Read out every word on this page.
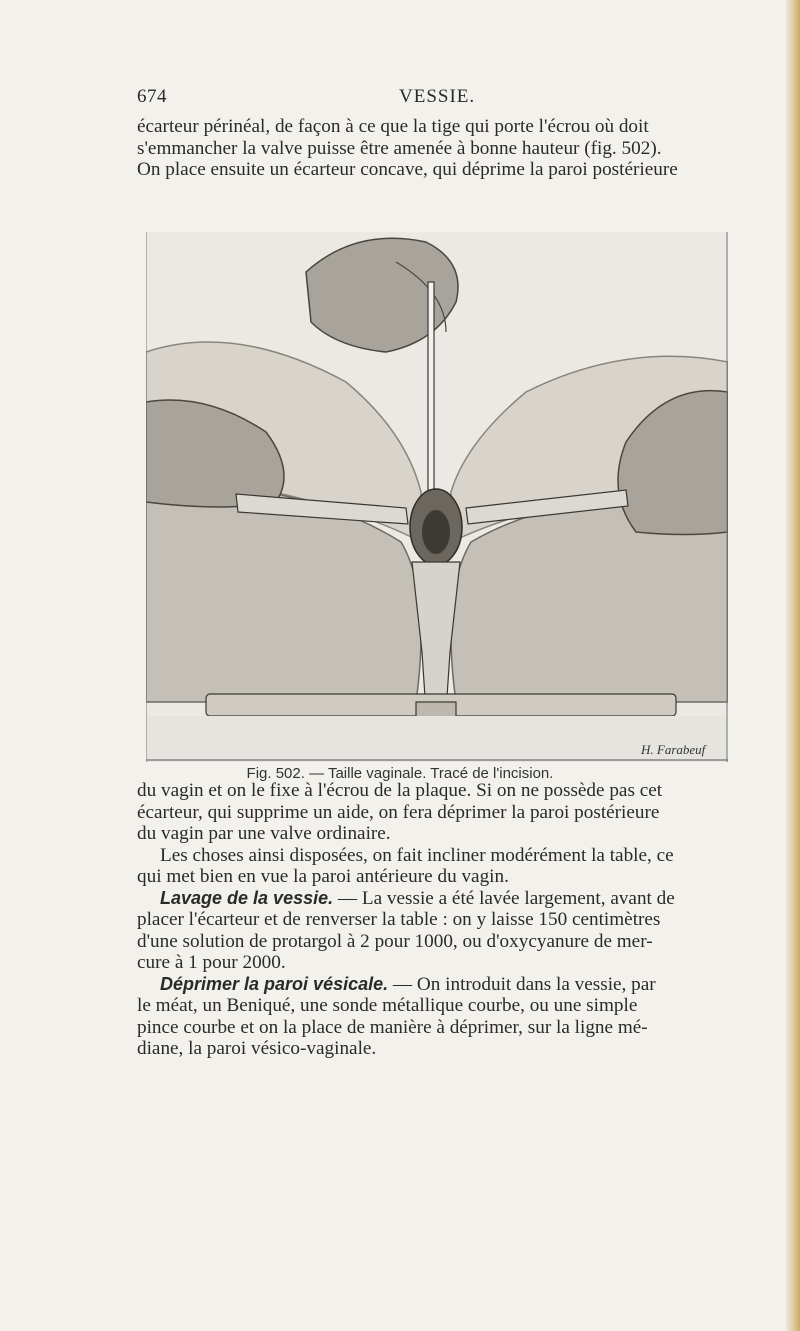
674	VESSIE.

écarteur périnéal, de façon à ce que la tige qui porte l'écrou où doit

s'emmancher la valve puisse être amenée à bonne hauteur (fig. 502).

On place ensuite un écarteur concave, qui déprime la paroi postérieure

H. Farabeuf
Fig. 502. — Taille vaginale. Tracé de l'incision.

du vagin et on le fixe à l'écrou de la plaque. Si on ne possède pas cet

écarteur, qui supprime un aide, on fera déprimer la paroi postérieure

du vagin par une valve ordinaire.

Les choses ainsi disposées, on fait incliner modérément la table, ce

qui met bien en vue la paroi antérieure du vagin.

Lavage de la vessie. — La vessie a été lavée largement, avant de

placer l'écarteur et de renverser la table : on y laisse 150 centimètres

d'une solution de protargol à 2 pour 1000, ou d'oxycyanure de mer-

cure à 1 pour 2000.

Déprimer la paroi vésicale. — On introduit dans la vessie, par

le méat, un Beniqué, une sonde métallique courbe, ou une simple

pince courbe et on la place de manière à déprimer, sur la ligne mé-

diane, la paroi vésico-vaginale.
